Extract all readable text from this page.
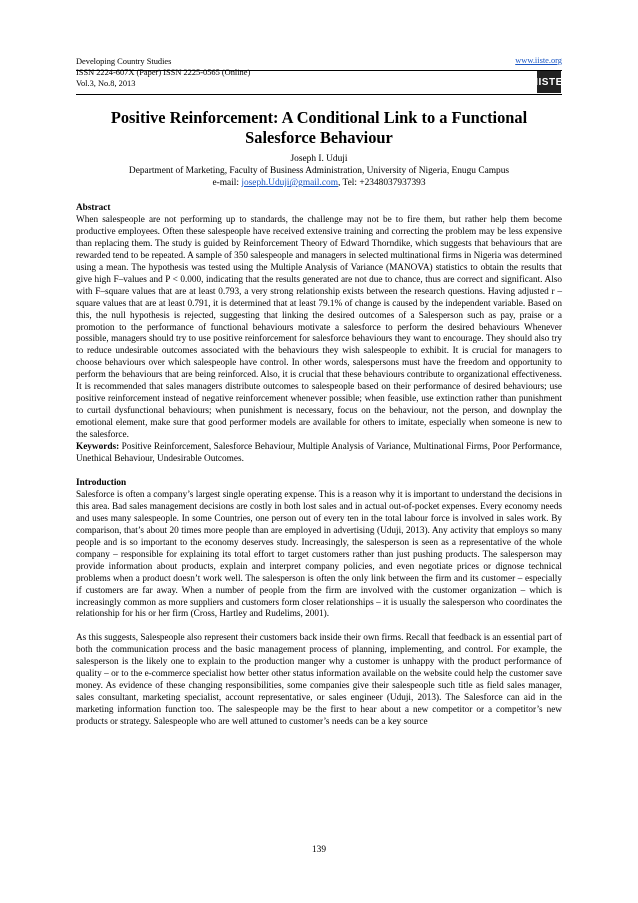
Developing Country Studies
ISSN 2224-607X (Paper) ISSN 2225-0565 (Online)
Vol.3, No.8, 2013
www.iiste.org
IISTE
Positive Reinforcement: A Conditional Link to a Functional
Salesforce Behaviour
Joseph I. Uduji
Department of Marketing, Faculty of Business Administration, University of Nigeria, Enugu Campus
e-mail: joseph.Uduji@gmail.com, Tel: +2348037937393

Abstract

When salespeople are not performing up to standards, the challenge may not be to fire them, but rather help them become productive employees. Often these salespeople have received extensive training and correcting the problem may be less expensive than replacing them. The study is guided by Reinforcement Theory of Edward Thorndike, which suggests that behaviours that are rewarded tend to be repeated. A sample of 350 salespeople and managers in selected multinational firms in Nigeria was determined using a mean. The hypothesis was tested using the Multiple Analysis of Variance (MANOVA) statistics to obtain the results that give high F–values and P < 0.000, indicating that the results generated are not due to chance, thus are correct and significant. Also with F–square values that are at least 0.793, a very strong relationship exists between the research questions. Having adjusted r – square values that are at least 0.791, it is determined that at least 79.1% of change is caused by the independent variable. Based on this, the null hypothesis is rejected, suggesting that linking the desired outcomes of a Salesperson such as pay, praise or a promotion to the performance of functional behaviours motivate a salesforce to perform the desired behaviours Whenever possible, managers should try to use positive reinforcement for salesforce behaviours they want to encourage. They should also try to reduce undesirable outcomes associated with the behaviours they wish salespeople to exhibit. It is crucial for managers to choose behaviours over which salespeople have control. In other words, salespersons must have the freedom and opportunity to perform the behaviours that are being reinforced. Also, it is crucial that these behaviours contribute to organizational effectiveness. It is recommended that sales managers distribute outcomes to salespeople based on their performance of desired behaviours; use positive reinforcement instead of negative reinforcement whenever possible; when feasible, use extinction rather than punishment to curtail dysfunctional behaviours; when punishment is necessary, focus on the behaviour, not the person, and downplay the emotional element, make sure that good performer models are available for others to imitate, especially when someone is new to the salesforce.

Keywords: Positive Reinforcement, Salesforce Behaviour, Multiple Analysis of Variance, Multinational Firms, Poor Performance, Unethical Behaviour, Undesirable Outcomes.

Introduction

Salesforce is often a company’s largest single operating expense. This is a reason why it is important to understand the decisions in this area. Bad sales management decisions are costly in both lost sales and in actual out-of-pocket expenses. Every economy needs and uses many salespeople. In some Countries, one person out of every ten in the total labour force is involved in sales work. By comparison, that’s about 20 times more people than are employed in advertising (Uduji, 2013). Any activity that employs so many people and is so important to the economy deserves study. Increasingly, the salesperson is seen as a representative of the whole company – responsible for explaining its total effort to target customers rather than just pushing products. The salesperson may provide information about products, explain and interpret company policies, and even negotiate prices or dignose technical problems when a product doesn’t work well. The salesperson is often the only link between the firm and its customer – especially if customers are far away. When a number of people from the firm are involved with the customer organization – which is increasingly common as more suppliers and customers form closer relationships – it is usually the salesperson who coordinates the relationship for his or her firm (Cross, Hartley and Rudelims, 2001).

As this suggests, Salespeople also represent their customers back inside their own firms. Recall that feedback is an essential part of both the communication process and the basic management process of planning, implementing, and control. For example, the salesperson is the likely one to explain to the production manger why a customer is unhappy with the product performance of quality – or to the e-commerce specialist how better other status information available on the website could help the customer save money. As evidence of these changing responsibilities, some companies give their salespeople such title as field sales manager, sales consultant, marketing specialist, account representative, or sales engineer (Uduji, 2013). The Salesforce can aid in the marketing information function too. The salespeople may be the first to hear about a new competitor or a competitor’s new products or strategy. Salespeople who are well attuned to customer’s needs can be a key source

139
